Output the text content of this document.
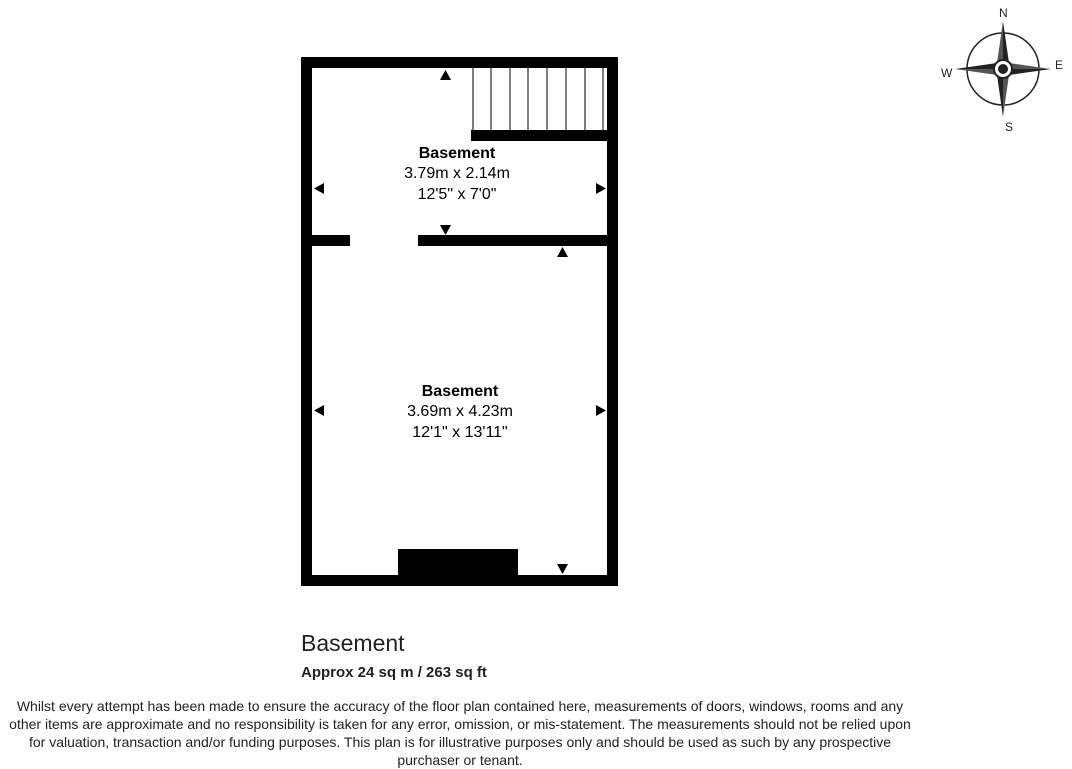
Basement
3.79m x 2.14m
12'5" x 7'0"
Basement
3.69m x 4.23m
12'1" x 13'11"
N
E
S
W
Basement
Approx 24 sq m / 263 sq ft
Whilst every attempt has been made to ensure the accuracy of the floor plan contained here, measurements of doors, windows, rooms and any other items are approximate and no responsibility is taken for any error, omission, or mis-statement. The measurements should not be relied upon for valuation, transaction and/or funding purposes. This plan is for illustrative purposes only and should be used as such by any prospective purchaser or tenant.
